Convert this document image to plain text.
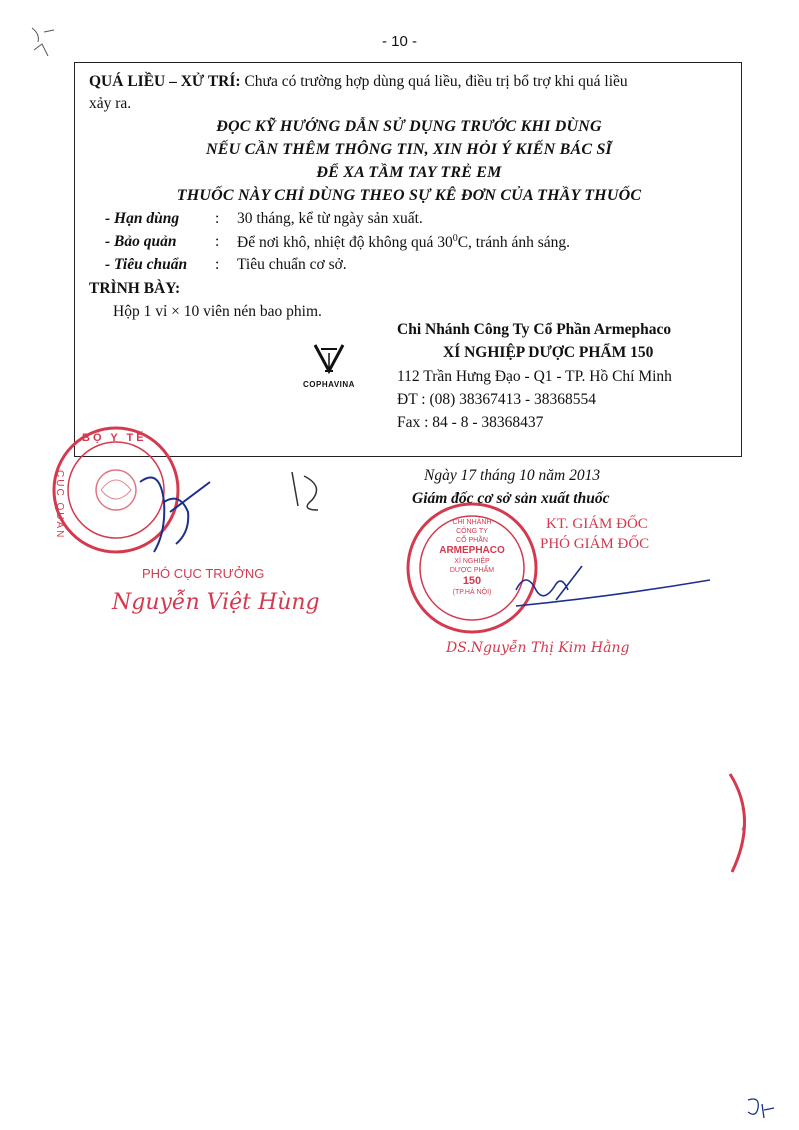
- 10 -
QUÁ LIỀU – XỬ TRÍ: Chưa có trường hợp dùng quá liều, điều trị bổ trợ khi quá liều
xảy ra.
ĐỌC KỸ HƯỚNG DẪN SỬ DỤNG TRƯỚC KHI DÙNG
NẾU CẦN THÊM THÔNG TIN, XIN HỎI Ý KIẾN BÁC SĨ
ĐỂ XA TẦM TAY TRẺ EM
THUỐC NÀY CHỈ DÙNG THEO SỰ KÊ ĐƠN CỦA THẦY THUỐC
- Hạn dùng : 30 tháng, kể từ ngày sản xuất.
- Bảo quản : Để nơi khô, nhiệt độ không quá $30^0C$, tránh ánh sáng.
- Tiêu chuẩn : Tiêu chuẩn cơ sở.
TRÌNH BÀY:
Hộp 1 vỉ × 10 viên nén bao phim.
COPHAVINA
Chi Nhánh Công Ty Cổ Phần Armephaco
XÍ NGHIỆP DƯỢC PHẨM 150
112 Trần Hưng Đạo - Q1 - TP. Hồ Chí Minh
ĐT : (08) 38367413 - 38368554
Fax : 84 - 8 - 38368437
BỘ Y TẾ
CỤC QUẢN
PHÓ CỤC TRƯỞNG
Nguyễn Việt Hùng
Ngày 17 tháng 10 năm 2013
Giám đốc cơ sở sản xuất thuốc
CHI NHÁNH
CÔNG TY
CỔ PHẦN
ARMEPHACO
XÍ NGHIỆP
DƯỢC PHẨM
150
(TP.HÀ NỘI)
KT. GIÁM ĐỐC
PHÓ GIÁM ĐỐC
DS.Nguyễn Thị Kim Hằng
